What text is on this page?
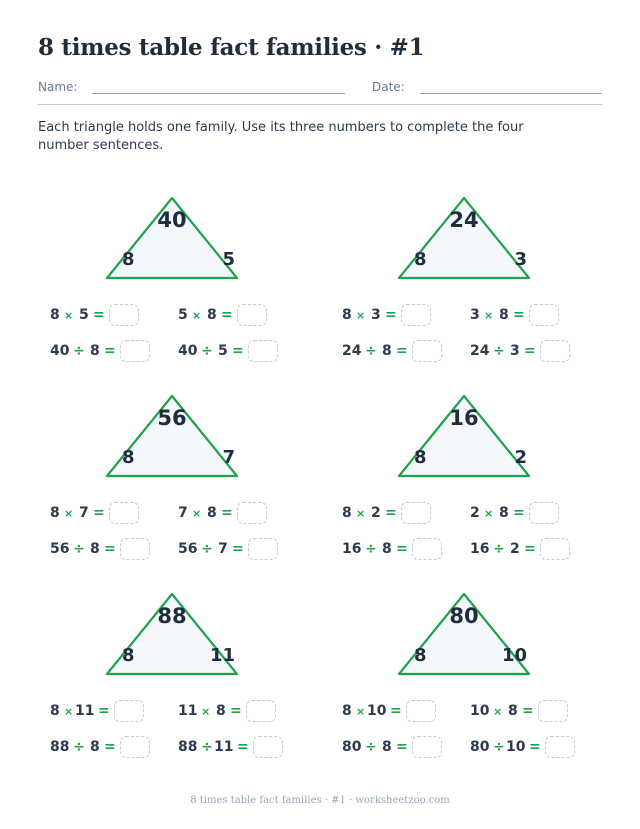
8 times table fact families · #1
Name:	Date:

Each triangle holds one family. Use its three numbers to complete the four number sentences.

40
8	5
8 × 5 =	5 × 8 =
40 ÷ 8 =	40 ÷ 5 =
24
8	3
8 × 3 =	3 × 8 =
24 ÷ 8 =	24 ÷ 3 =
56
8	7
8 × 7 =	7 × 8 =
56 ÷ 8 =	56 ÷ 7 =
16
8	2
8 × 2 =	2 × 8 =
16 ÷ 8 =	16 ÷ 2 =
88
8	11
8 × 11 =	11 × 8 =
88 ÷ 8 =	88 ÷ 11 =
80
8	10
8 × 10 =	10 × 8 =
80 ÷ 8 =	80 ÷ 10 =
8 times table fact families · #1 · worksheetzoo.com
